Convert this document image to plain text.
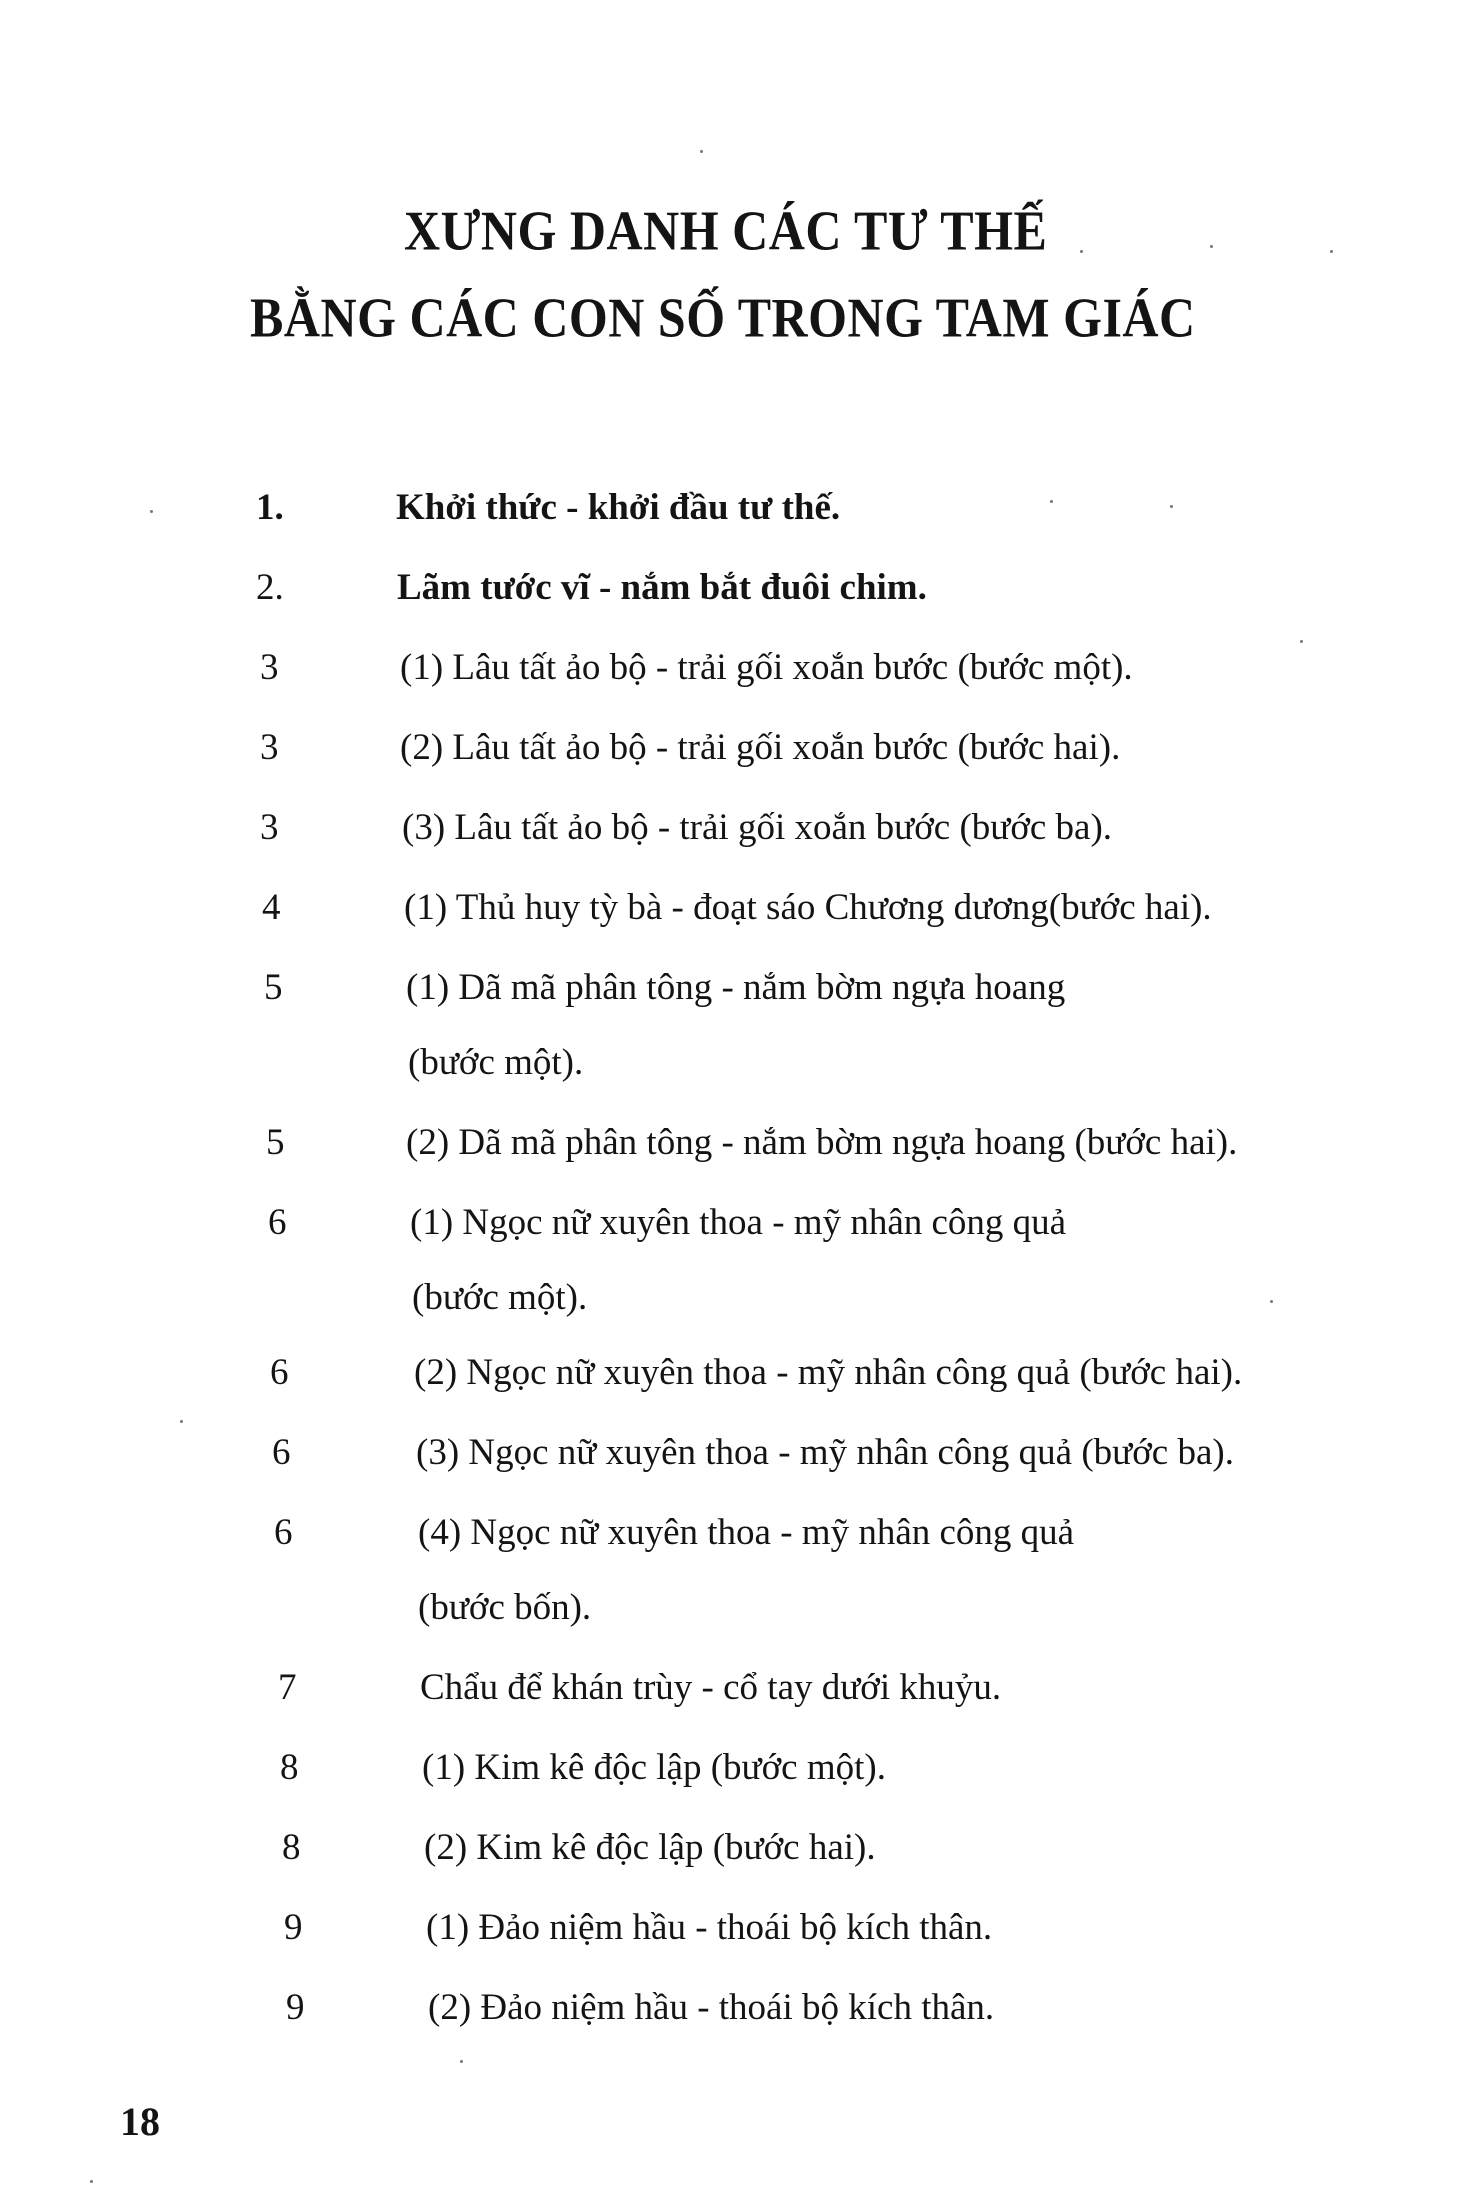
XƯNG DANH CÁC TƯ THẾ
BẰNG CÁC CON SỐ TRONG TAM GIÁC
1.	Khởi thức - khởi đầu tư thế.
2.	Lãm tước vĩ - nắm bắt đuôi chim.
3	(1) Lâu tất ảo bộ - trải gối xoắn bước (bước một).
3	(2) Lâu tất ảo bộ - trải gối xoắn bước (bước hai).
3	(3) Lâu tất ảo bộ - trải gối xoắn bước (bước ba).
4	(1) Thủ huy tỳ bà - đoạt sáo Chương dương(bước hai).
5	(1) Dã mã phân tông - nắm bờm ngựa hoang
(bước một).
5	(2) Dã mã phân tông - nắm bờm ngựa hoang (bước hai).
6	(1) Ngọc nữ xuyên thoa - mỹ nhân công quả
(bước một).
6	(2) Ngọc nữ xuyên thoa - mỹ nhân công quả (bước hai).
6	(3) Ngọc nữ xuyên thoa - mỹ nhân công quả (bước ba).
6	(4) Ngọc nữ xuyên thoa - mỹ nhân công quả
(bước bốn).
7	Chẩu để khán trùy - cổ tay dưới khuỷu.
8	(1) Kim kê độc lập (bước một).
8	(2) Kim kê độc lập (bước hai).
9	(1) Đảo niệm hầu - thoái bộ kích thân.
9	(2) Đảo niệm hầu - thoái bộ kích thân.
18
